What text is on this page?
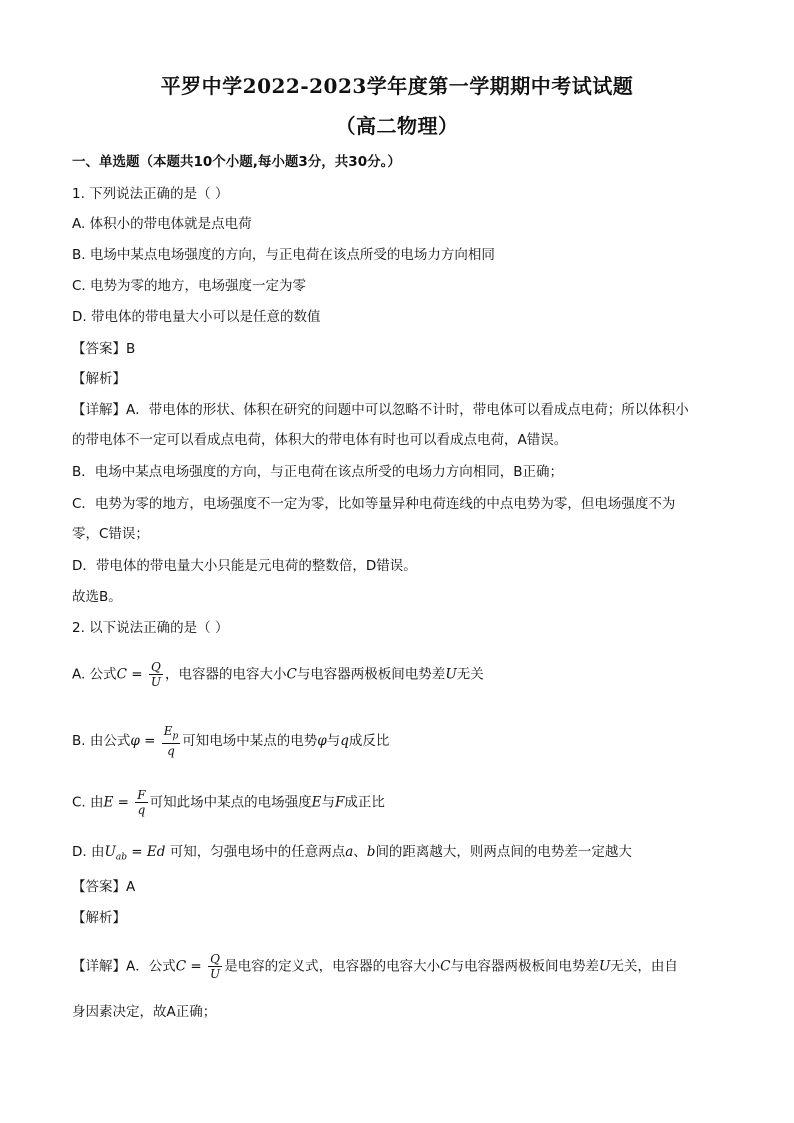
平罗中学2022-2023学年度第一学期期中考试试题
（高二物理）
一、单选题（本题共10个小题,每小题3分，共30分。）
1. 下列说法正确的是（ ）
A. 体积小的带电体就是点电荷
B. 电场中某点电场强度的方向，与正电荷在该点所受的电场力方向相同
C. 电势为零的地方，电场强度一定为零
D. 带电体的带电量大小可以是任意的数值
【答案】B
【解析】
【详解】A．带电体的形状、体积在研究的问题中可以忽略不计时，带电体可以看成点电荷；所以体积小
的带电体不一定可以看成点电荷，体积大的带电体有时也可以看成点电荷，A错误。
B．电场中某点电场强度的方向，与正电荷在该点所受的电场力方向相同，B正确；
C．电势为零的地方，电场强度不一定为零，比如等量异种电荷连线的中点电势为零，但电场强度不为
零，C错误；
D．带电体的带电量大小只能是元电荷的整数倍，D错误。
故选B。
2. 以下说法正确的是（ ）
A. 公式$C = \frac{Q}{U}$ ，电容器的电容大小C与电容器两极板间电势差U无关
B. 由公式$\varphi = \frac{E_p}{q}$ 可知电场中某点的电势φ与q成反比
C. 由$E = \frac{F}{q}$ 可知此场中某点的电场强度E与F成正比
D. 由$U_{ab} = Ed$ 可知，匀强电场中的任意两点a、b间的距离越大，则两点间的电势差一定越大
【答案】A
【解析】
【详解】A．公式$C = \frac{Q}{U}$ 是电容的定义式，电容器的电容大小C与电容器两极板间电势差U无关，由自
身因素决定，故A正确；
